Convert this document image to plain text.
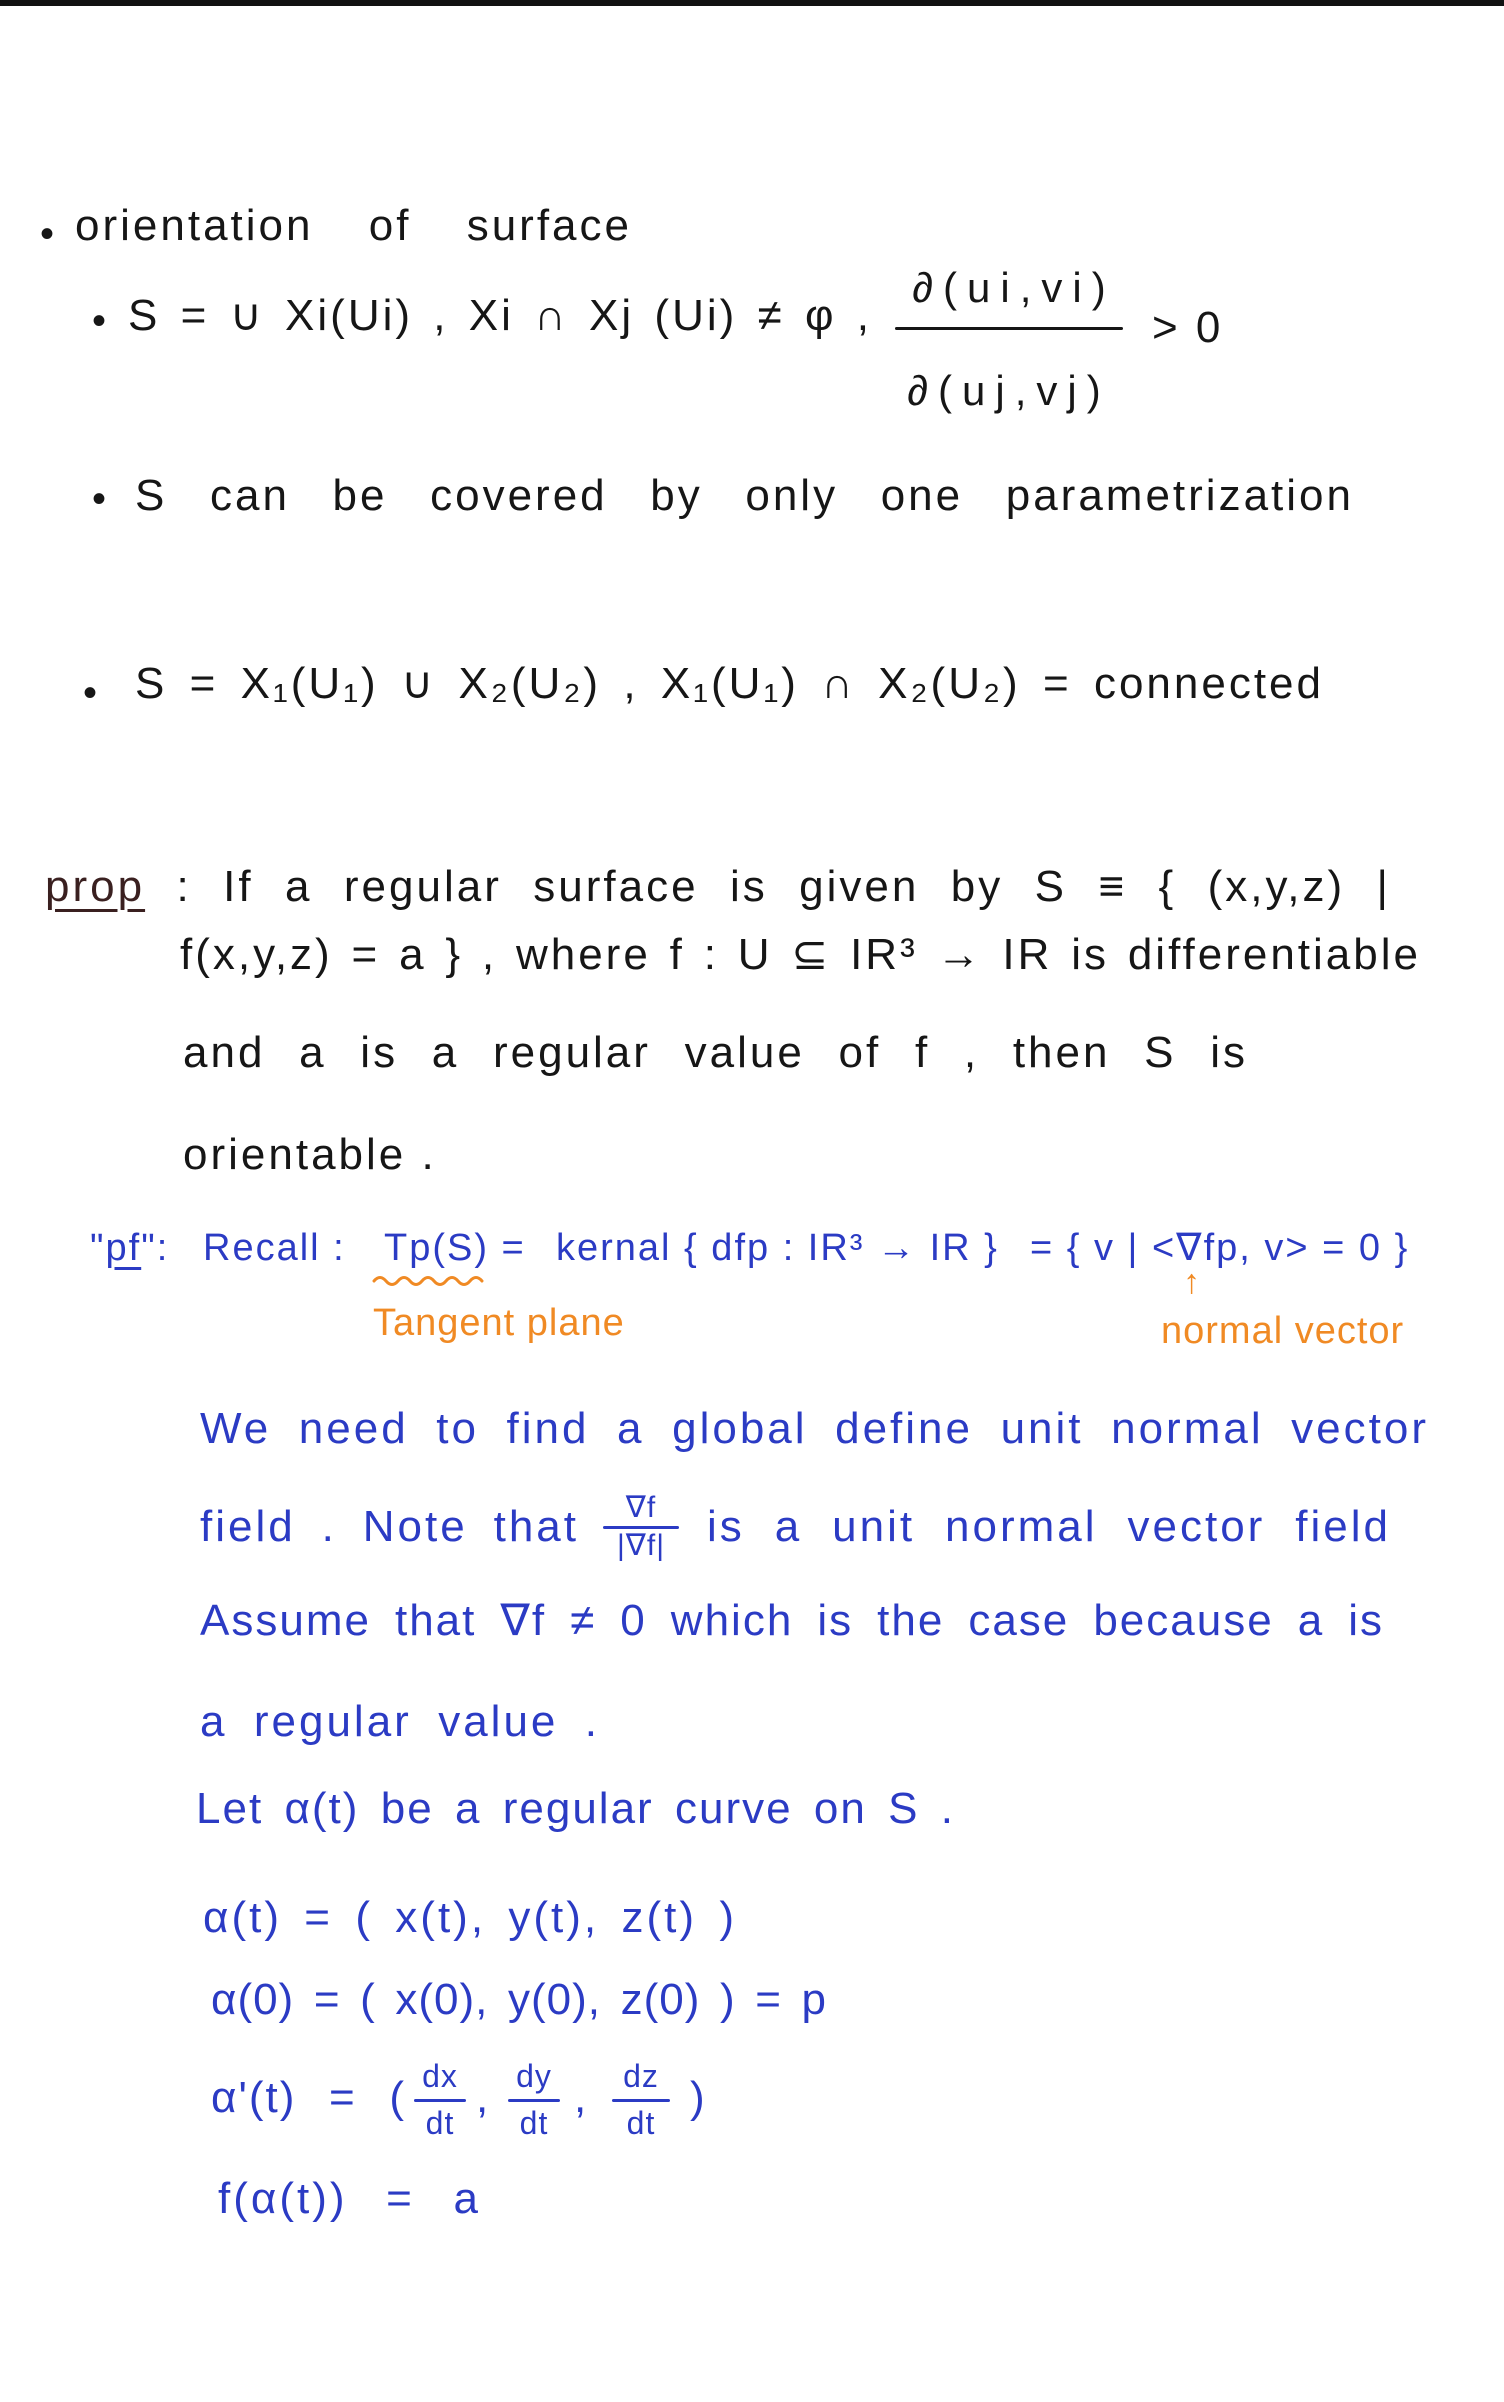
• orientation of surface
• S = ∪ Xi(Ui) , Xi ∩ Xj (Ui) ≠ φ ,
∂(ui,vi)
∂(uj,vj)
> 0
• S can be covered by only one parametrization
• S = X₁(U₁) ∪ X₂(U₂) , X₁(U₁) ∩ X₂(U₂) = connected
prop : If a regular surface is given by S ≡ { (x,y,z) |
f(x,y,z) = a } , where f : U ⊆ IR³ → IR is differentiable
and a is a regular value of f , then S is
orientable .
"pf": Recall : Tp(S) = kernal { dfp : IR³ → IR } = { v | <∇fp, v> = 0 }
↑
Tangent plane	normal vector
We need to find a global define unit normal vector
field . Note that	∇f
|∇f| is a unit normal vector field
Assume that ∇f ≠ 0 which is the case because a is
a regular value .
Let α(t) be a regular curve on S .
α(t) = ( x(t), y(t), z(t) )
α(0) = ( x(0), y(0), z(0) ) = p
α'(t) = ( dx
dt
, dy
dt
,	dz
dt
)
f(α(t)) = a
